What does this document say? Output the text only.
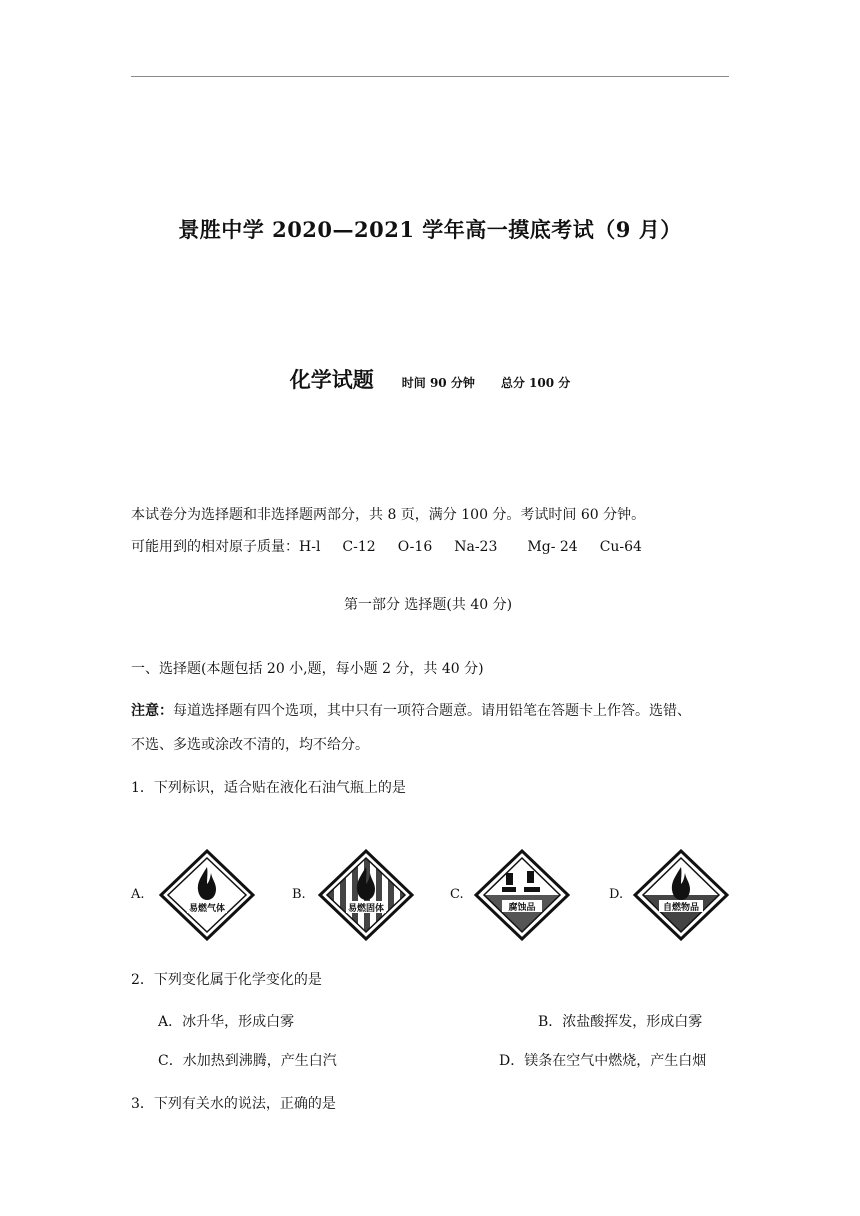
景胜中学 2020—2021 学年高一摸底考试（9 月）
化学试题 时间 90 分钟 总分 100 分
本试卷分为选择题和非选择题两部分，共 8 页，满分 100 分。考试时间 60 分钟。
可能用到的相对原子质量：H-l C-12 O-16 Na-23 Mg- 24 Cu-64
第一部分 选择题(共 40 分)
一、选择题(本题包括 20 小,题，每小题 2 分，共 40 分)
注意：每道选择题有四个选项，其中只有一项符合题意。请用铅笔在答题卡上作答。选错、
不选、多选或涂改不清的，均不给分。
1．下列标识，适合贴在液化石油气瓶上的是
A.
易燃气体
B.
易燃固体
C.
腐蚀品
D.
自燃物品
2．下列变化属于化学变化的是
A．冰升华，形成白雾	B．浓盐酸挥发，形成白雾
C．水加热到沸腾，产生白汽	D．镁条在空气中燃烧，产生白烟
3．下列有关水的说法，正确的是
